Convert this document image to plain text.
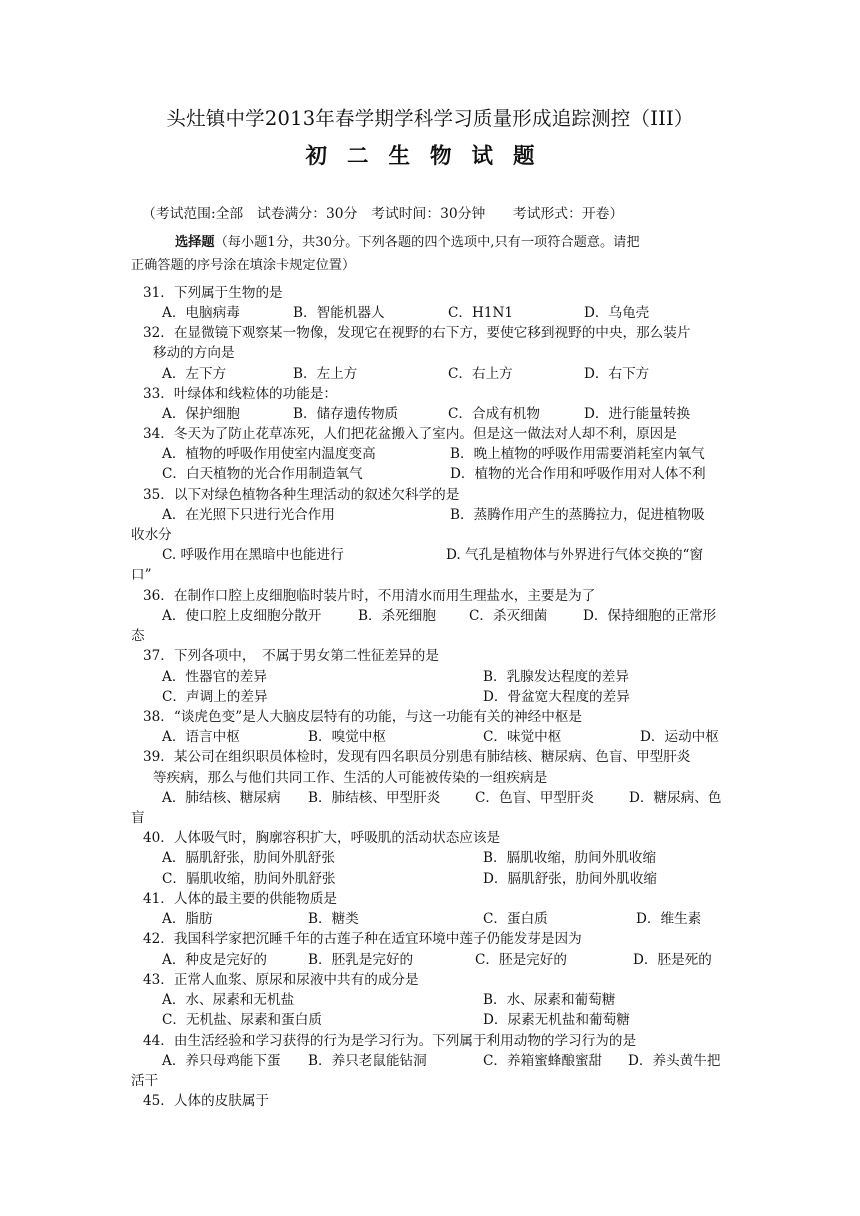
头灶镇中学2013年春学期学科学习质量形成追踪测控（III）
初二生物试题
（考试范围:全部　试卷满分：30分　考试时间：30分钟　　考试形式：开卷）
选择题（每小题1分，共30分。下列各题的四个选项中,只有一项符合题意。请把
正确答题的序号涂在填涂卡规定位置）
31．下列属于生物的是
A．电脑病毒	B．智能机器人	C．H1N1	D．乌龟壳
32．在显微镜下观察某一物像，发现它在视野的右下方，要使它移到视野的中央，那么装片
移动的方向是
A．左下方	B．左上方	C．右上方	D．右下方
33．叶绿体和线粒体的功能是：
A．保护细胞	B．储存遗传物质	C．合成有机物	D．进行能量转换
34．冬天为了防止花草冻死，人们把花盆搬入了室内。但是这一做法对人却不利，原因是
A．植物的呼吸作用使室内温度变高	B．晚上植物的呼吸作用需要消耗室内氧气
C．白天植物的光合作用制造氧气	D．植物的光合作用和呼吸作用对人体不利
35．以下对绿色植物各种生理活动的叙述欠科学的是
A．在光照下只进行光合作用	B．蒸腾作用产生的蒸腾拉力，促进植物吸
收水分
C. 呼吸作用在黑暗中也能进行	D. 气孔是植物体与外界进行气体交换的“窗
口”
36．在制作口腔上皮细胞临时装片时，不用清水而用生理盐水，主要是为了
A．使口腔上皮细胞分散开	B．杀死细胞 C．杀灭细菌	D．保持细胞的正常形
态
37．下列各项中，　不属于男女第二性征差异的是
A．性器官的差异	B．乳腺发达程度的差异
C．声调上的差异	D．骨盆宽大程度的差异
38．“谈虎色变”是人大脑皮层特有的功能，与这一功能有关的神经中枢是
A．语言中枢	B．嗅觉中枢	C．味觉中枢	D．运动中枢
39．某公司在组织职员体检时，发现有四名职员分别患有肺结核、糖尿病、色盲、甲型肝炎
等疾病，那么与他们共同工作、生活的人可能被传染的一组疾病是
A．肺结核、糖尿病 B．肺结核、甲型肝炎	C．色盲、甲型肝炎	D．糖尿病、色
盲
40．人体吸气时，胸廓容积扩大，呼吸肌的活动状态应该是
A．膈肌舒张，肋间外肌舒张	B．膈肌收缩，肋间外肌收缩
C．膈肌收缩，肋间外肌舒张	D．膈肌舒张，肋间外肌收缩
41．人体的最主要的供能物质是
A．脂肪	B．糖类	C．蛋白质	D．维生素
42．我国科学家把沉睡千年的古莲子种在适宜环境中莲子仍能发芽是因为
A．种皮是完好的	B．胚乳是完好的	C．胚是完好的	D．胚是死的
43．正常人血浆、原尿和尿液中共有的成分是
A．水、尿素和无机盐	B．水、尿素和葡萄糖
C．无机盐、尿素和蛋白质	D．尿素无机盐和葡萄糖
44．由生活经验和学习获得的行为是学习行为。下列属于利用动物的学习行为的是
A．养只母鸡能下蛋 B．养只老鼠能钻洞	C．养箱蜜蜂酿蜜甜 D．养头黄牛把
活干
45．人体的皮肤属于
